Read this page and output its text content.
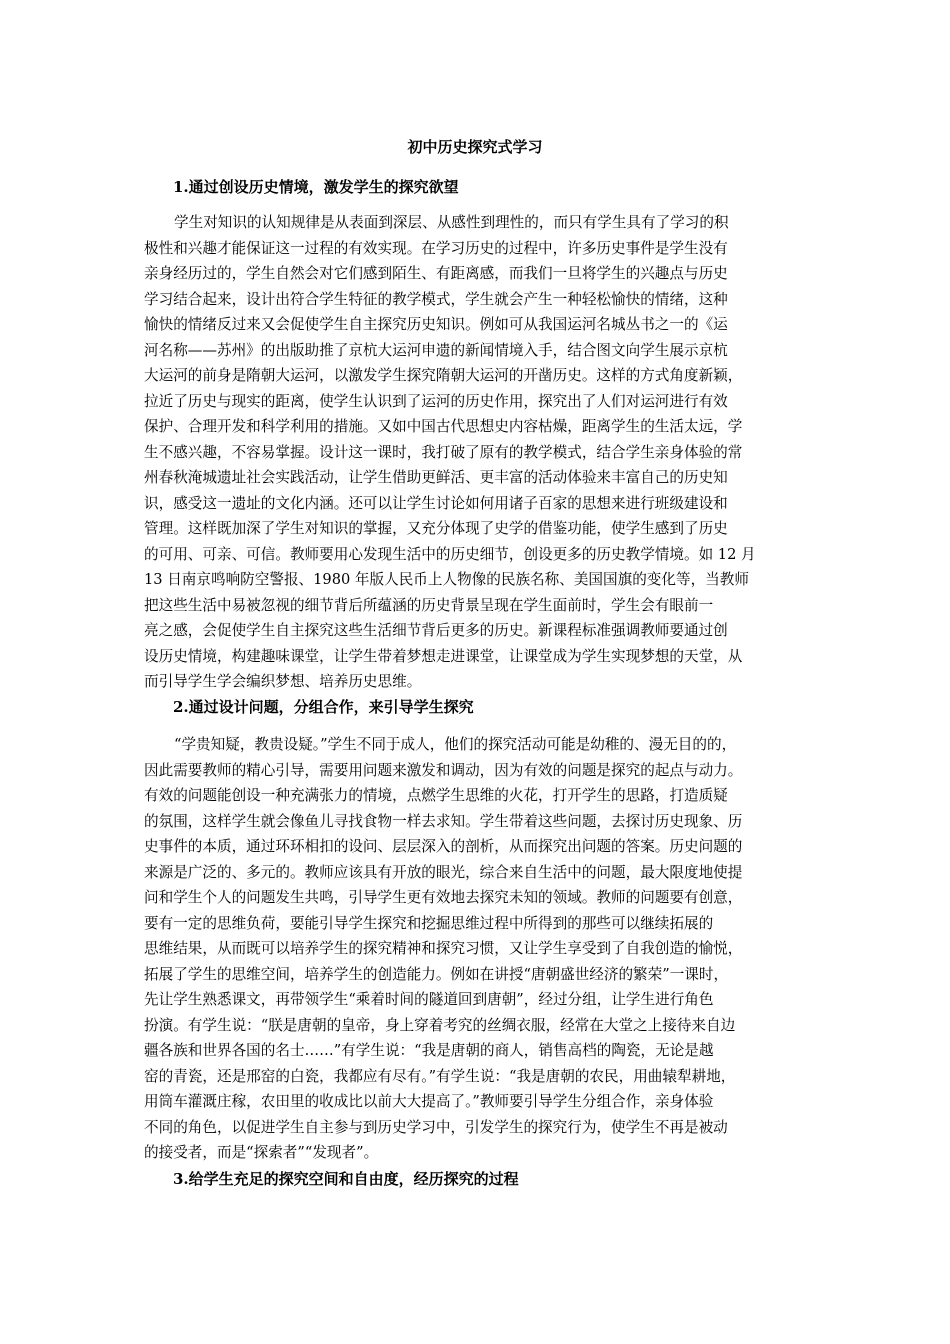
初中历史探究式学习
1.通过创设历史情境，激发学生的探究欲望
学生对知识的认知规律是从表面到深层、从感性到理性的，而只有学生具有了学习的积
极性和兴趣才能保证这一过程的有效实现。在学习历史的过程中，许多历史事件是学生没有
亲身经历过的，学生自然会对它们感到陌生、有距离感，而我们一旦将学生的兴趣点与历史
学习结合起来，设计出符合学生特征的教学模式，学生就会产生一种轻松愉快的情绪，这种
愉快的情绪反过来又会促使学生自主探究历史知识。例如可从我国运河名城丛书之一的《运
河名称——苏州》的出版助推了京杭大运河申遗的新闻情境入手，结合图文向学生展示京杭
大运河的前身是隋朝大运河，以激发学生探究隋朝大运河的开凿历史。这样的方式角度新颖，
拉近了历史与现实的距离，使学生认识到了运河的历史作用，探究出了人们对运河进行有效
保护、合理开发和科学利用的措施。又如中国古代思想史内容枯燥，距离学生的生活太远，学
生不感兴趣，不容易掌握。设计这一课时，我打破了原有的教学模式，结合学生亲身体验的常
州春秋淹城遗址社会实践活动，让学生借助更鲜活、更丰富的活动体验来丰富自己的历史知
识，感受这一遗址的文化内涵。还可以让学生讨论如何用诸子百家的思想来进行班级建设和
管理。这样既加深了学生对知识的掌握，又充分体现了史学的借鉴功能，使学生感到了历史
的可用、可亲、可信。教师要用心发现生活中的历史细节，创设更多的历史教学情境。如 12 月
13 日南京鸣响防空警报、1980 年版人民币上人物像的民族名称、美国国旗的变化等，当教师
把这些生活中易被忽视的细节背后所蕴涵的历史背景呈现在学生面前时，学生会有眼前一
亮之感，会促使学生自主探究这些生活细节背后更多的历史。新课程标准强调教师要通过创
设历史情境，构建趣味课堂，让学生带着梦想走进课堂，让课堂成为学生实现梦想的天堂，从
而引导学生学会编织梦想、培养历史思维。
2.通过设计问题，分组合作，来引导学生探究
“学贵知疑，教贵设疑。”学生不同于成人，他们的探究活动可能是幼稚的、漫无目的的，
因此需要教师的精心引导，需要用问题来激发和调动，因为有效的问题是探究的起点与动力。
有效的问题能创设一种充满张力的情境，点燃学生思维的火花，打开学生的思路，打造质疑
的氛围，这样学生就会像鱼儿寻找食物一样去求知。学生带着这些问题，去探讨历史现象、历
史事件的本质，通过环环相扣的设问、层层深入的剖析，从而探究出问题的答案。历史问题的
来源是广泛的、多元的。教师应该具有开放的眼光，综合来自生活中的问题，最大限度地使提
问和学生个人的问题发生共鸣，引导学生更有效地去探究未知的领域。教师的问题要有创意，
要有一定的思维负荷，要能引导学生探究和挖掘思维过程中所得到的那些可以继续拓展的
思维结果，从而既可以培养学生的探究精神和探究习惯，又让学生享受到了自我创造的愉悦，
拓展了学生的思维空间，培养学生的创造能力。例如在讲授“唐朝盛世经济的繁荣”一课时，
先让学生熟悉课文，再带领学生“乘着时间的隧道回到唐朝”，经过分组，让学生进行角色
扮演。有学生说：“朕是唐朝的皇帝，身上穿着考究的丝绸衣服，经常在大堂之上接待来自边
疆各族和世界各国的名士……”有学生说：“我是唐朝的商人，销售高档的陶瓷，无论是越
窑的青瓷，还是邢窑的白瓷，我都应有尽有。”有学生说：“我是唐朝的农民，用曲辕犁耕地，
用筒车灌溉庄稼，农田里的收成比以前大大提高了。”教师要引导学生分组合作，亲身体验
不同的角色，以促进学生自主参与到历史学习中，引发学生的探究行为，使学生不再是被动
的接受者，而是“探索者”“发现者”。
3.给学生充足的探究空间和自由度，经历探究的过程
